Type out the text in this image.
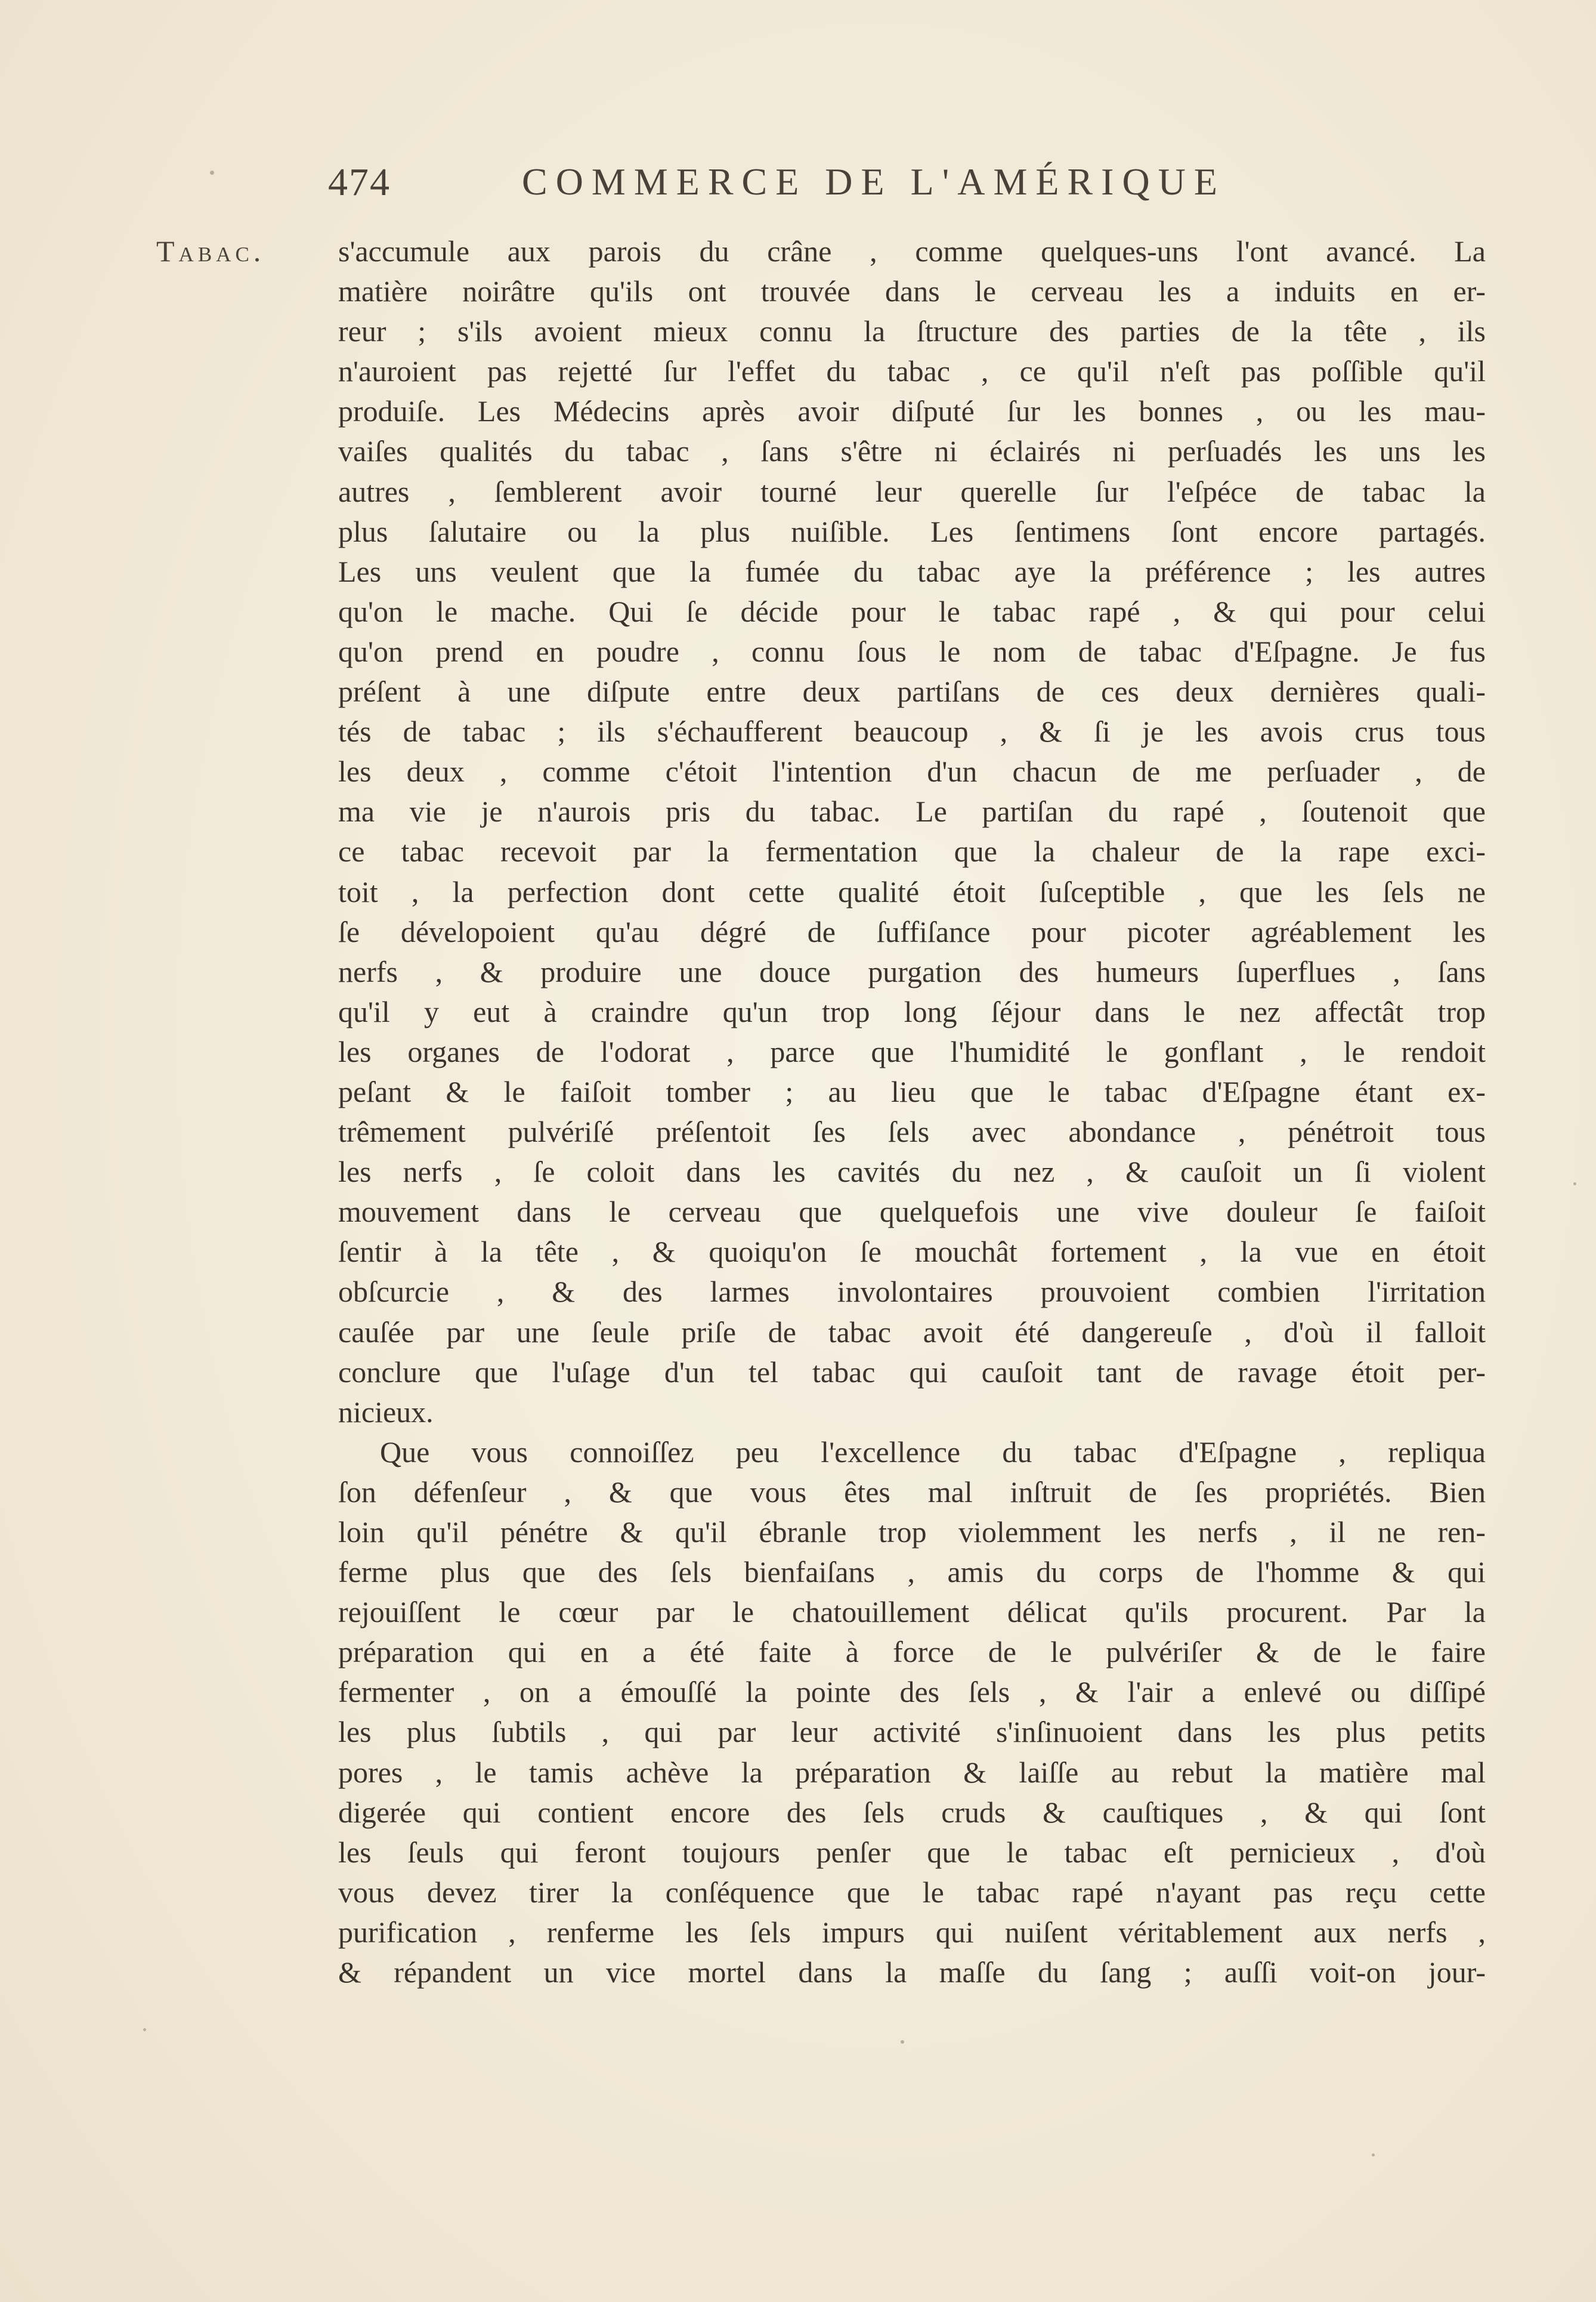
474	COMMERCE DE L'AMÉRIQUE
Tabac. s'accumule aux parois du crâne , comme quelques-uns l'ont avancé. La
matière noirâtre qu'ils ont trouvée dans le cerveau les a induits en er-
reur ; s'ils avoient mieux connu la ſtructure des parties de la tête , ils
n'auroient pas rejetté ſur l'effet du tabac , ce qu'il n'eſt pas poſſible qu'il
produiſe. Les Médecins après avoir diſputé ſur les bonnes , ou les mau-
vaiſes qualités du tabac , ſans s'être ni éclairés ni perſuadés les uns les
autres , ſemblerent avoir tourné leur querelle ſur l'eſpéce de tabac la
plus ſalutaire ou la plus nuiſible. Les ſentimens ſont encore partagés.
Les uns veulent que la fumée du tabac aye la préférence ; les autres
qu'on le mache. Qui ſe décide pour le tabac rapé , & qui pour celui
qu'on prend en poudre , connu ſous le nom de tabac d'Eſpagne. Je fus
préſent à une diſpute entre deux partiſans de ces deux dernières quali-
tés de tabac ; ils s'échaufferent beaucoup , & ſi je les avois crus tous
les deux , comme c'étoit l'intention d'un chacun de me perſuader , de
ma vie je n'aurois pris du tabac. Le partiſan du rapé , ſoutenoit que
ce tabac recevoit par la fermentation que la chaleur de la rape exci-
toit , la perfection dont cette qualité étoit ſuſceptible , que les ſels ne
ſe dévelopoient qu'au dégré de ſuffiſance pour picoter agréablement les
nerfs , & produire une douce purgation des humeurs ſuperflues , ſans
qu'il y eut à craindre qu'un trop long ſéjour dans le nez affectât trop
les organes de l'odorat , parce que l'humidité le gonflant , le rendoit
peſant & le faiſoit tomber ; au lieu que le tabac d'Eſpagne étant ex-
trêmement pulvériſé préſentoit ſes ſels avec abondance , pénétroit tous
les nerfs , ſe coloit dans les cavités du nez , & cauſoit un ſi violent
mouvement dans le cerveau que quelquefois une vive douleur ſe faiſoit
ſentir à la tête , & quoiqu'on ſe mouchât fortement , la vue en étoit
obſcurcie , & des larmes involontaires prouvoient combien l'irritation
cauſée par une ſeule priſe de tabac avoit été dangereuſe , d'où il falloit
conclure que l'uſage d'un tel tabac qui cauſoit tant de ravage étoit per-
nicieux.
Que vous connoiſſez peu l'excellence du tabac d'Eſpagne , repliqua
ſon défenſeur , & que vous êtes mal inſtruit de ſes propriétés. Bien
loin qu'il pénétre & qu'il ébranle trop violemment les nerfs , il ne ren-
ferme plus que des ſels bienfaiſans , amis du corps de l'homme & qui
rejouiſſent le cœur par le chatouillement délicat qu'ils procurent. Par la
préparation qui en a été faite à force de le pulvériſer & de le faire
fermenter , on a émouſſé la pointe des ſels , & l'air a enlevé ou diſſipé
les plus ſubtils , qui par leur activité s'inſinuoient dans les plus petits
pores , le tamis achève la préparation & laiſſe au rebut la matière mal
digerée qui contient encore des ſels cruds & cauſtiques , & qui ſont
les ſeuls qui feront toujours penſer que le tabac eſt pernicieux , d'où
vous devez tirer la conſéquence que le tabac rapé n'ayant pas reçu cette
purification , renferme les ſels impurs qui nuiſent véritablement aux nerfs ,
& répandent un vice mortel dans la maſſe du ſang ; auſſi voit-on jour-
